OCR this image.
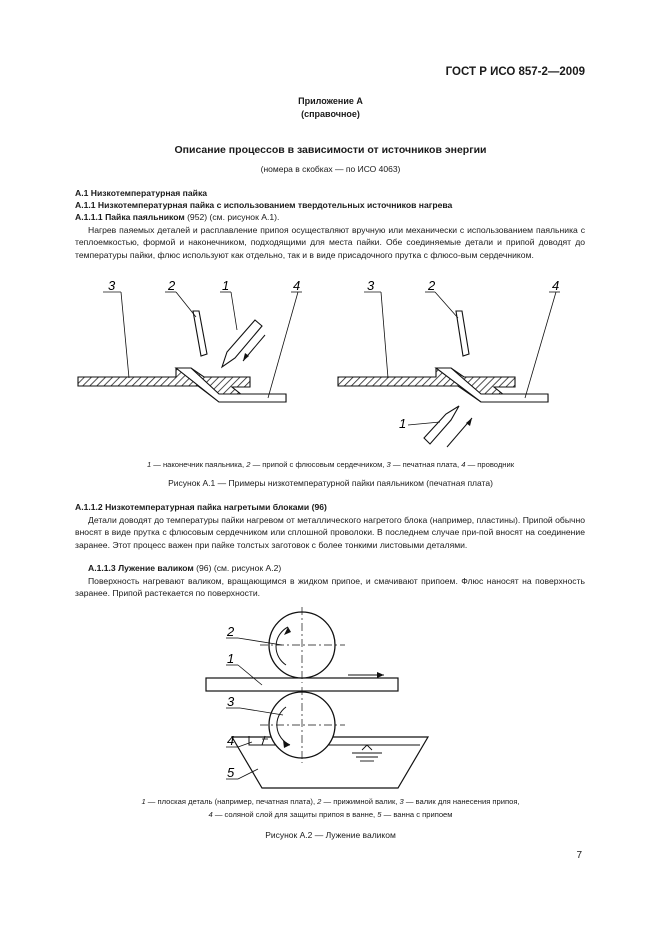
ГОСТ Р ИСО 857-2—2009
Приложение А
(справочное)
Описание процессов в зависимости от источников энергии
(номера в скобках — по ИСО 4063)
А.1 Низкотемпературная пайка
А.1.1 Низкотемпературная пайка с использованием твердотельных источников нагрева
А.1.1.1 Пайка паяльником (952) (см. рисунок А.1).
Нагрев паяемых деталей и расплавление припоя осуществляют вручную или механически с использованием паяльника с теплоемкостью, формой и наконечником, подходящими для места пайки. Обе соединяемые детали и припой доводят до температуры пайки, флюс используют как отдельно, так и в виде присадочного прутка с флюсо-вым сердечником.
3	2	1	4	3	2	4
1
1 — наконечник паяльника, 2 — припой с флюсовым сердечником, 3 — печатная плата, 4 — проводник
Рисунок А.1 — Примеры низкотемпературной пайки паяльником (печатная плата)
А.1.1.2 Низкотемпературная пайка нагретыми блоками (96)
Детали доводят до температуры пайки нагревом от металлического нагретого блока (например, пластины). Припой обычно вносят в виде прутка с флюсовым сердечником или сплошной проволоки. В последнем случае при-пой вносят на соединение заранее. Этот процесс важен при пайке толстых заготовок с более тонкими листовыми деталями.
А.1.1.3 Лужение валиком (96) (см. рисунок А.2)
Поверхность нагревают валиком, вращающимся в жидком припое, и смачивают припоем. Флюс наносят на поверхность заранее. Припой растекается по поверхности.
2
1
3
4
5
1 — плоская деталь (например, печатная плата), 2 — прижимной валик, 3 — валик для нанесения припоя,
4 — соляной слой для защиты припоя в ванне, 5 — ванна с припоем
Рисунок А.2 — Лужение валиком
7
